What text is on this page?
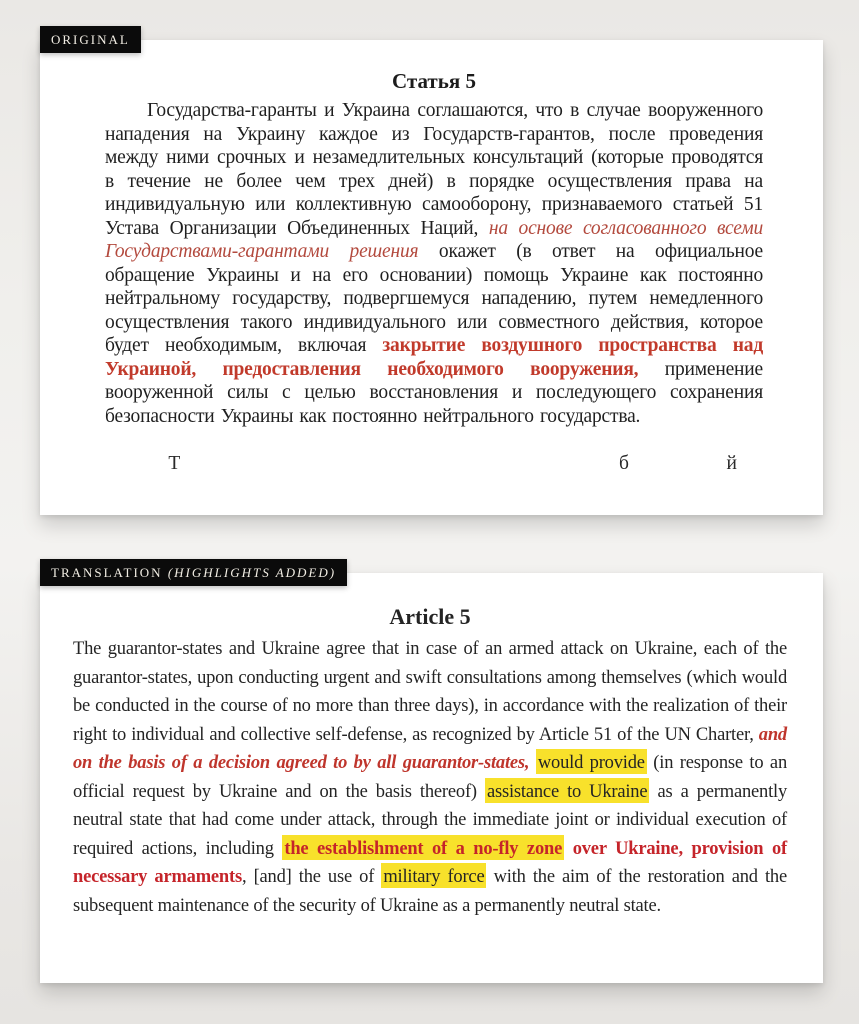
ORIGINAL
Статья 5

Государства-гаранты и Украина соглашаются, что в случае вооруженного нападения на Украину каждое из Государств-гарантов, после проведения между ними срочных и незамедлительных консультаций (которые проводятся в течение не более чем трех дней) в порядке осуществления права на индивидуальную или коллективную самооборону, признаваемого статьей 51 Устава Организации Объединенных Наций, на основе согласованного всеми Государствами-гарантами решения окажет (в ответ на официальное обращение Украины и на его основании) помощь Украине как постоянно нейтральному государству, подвергшемуся нападению, путем немедленного осуществления такого индивидуального или совместного действия, которое будет необходимым, включая закрытие воздушного пространства над Украиной, предоставления необходимого вооружения, применение вооруженной силы с целью восстановления и последующего сохранения безопасности Украины как постоянно нейтрального государства.

Т                                                                                          б                    й

TRANSLATION (HIGHLIGHTS ADDED)
Article 5

The guarantor-states and Ukraine agree that in case of an armed attack on Ukraine, each of the guarantor-states, upon conducting urgent and swift consultations among themselves (which would be conducted in the course of no more than three days), in accordance with the realization of their right to individual and collective self-defense, as recognized by Article 51 of the UN Charter, and on the basis of a decision agreed to by all guarantor-states, would provide (in response to an official request by Ukraine and on the basis thereof) assistance to Ukraine as a permanently neutral state that had come under attack, through the immediate joint or individual execution of required actions, including the establishment of a no-fly zone over Ukraine, provision of necessary armaments, [and] the use of military force with the aim of the restoration and the subsequent maintenance of the security of Ukraine as a permanently neutral state.
